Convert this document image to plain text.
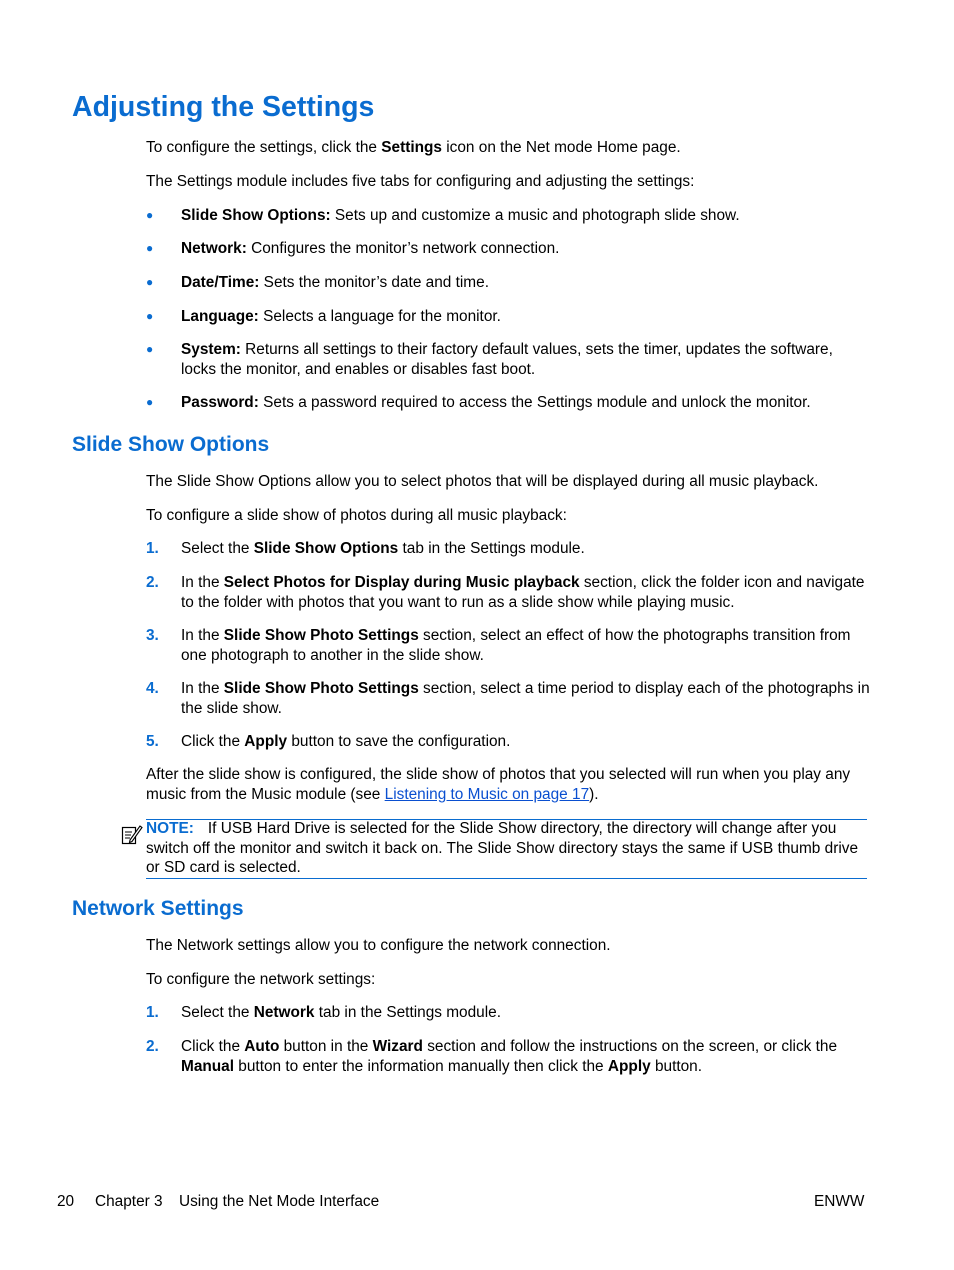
Adjusting the Settings

To configure the settings, click the Settings icon on the Net mode Home page.

The Settings module includes five tabs for configuring and adjusting the settings:

● Slide Show Options: Sets up and customize a music and photograph slide show.
● Network: Configures the monitor’s network connection.
● Date/Time: Sets the monitor’s date and time.
● Language: Selects a language for the monitor.
● System: Returns all settings to their factory default values, sets the timer, updates the software, locks the monitor, and enables or disables fast boot.
● Password: Sets a password required to access the Settings module and unlock the monitor.
Slide Show Options

The Slide Show Options allow you to select photos that will be displayed during all music playback.

To configure a slide show of photos during all music playback:

1. Select the Slide Show Options tab in the Settings module.
2. In the Select Photos for Display during Music playback section, click the folder icon and navigate to the folder with photos that you want to run as a slide show while playing music.
3. In the Slide Show Photo Settings section, select an effect of how the photographs transition from one photograph to another in the slide show.
4. In the Slide Show Photo Settings section, select a time period to display each of the photographs in the slide show.
5. Click the Apply button to save the configuration.

After the slide show is configured, the slide show of photos that you selected will run when you play any music from the Music module (see Listening to Music on page 17).

NOTE: If USB Hard Drive is selected for the Slide Show directory, the directory will change after you switch off the monitor and switch it back on. The Slide Show directory stays the same if USB thumb drive or SD card is selected.
Network Settings

The Network settings allow you to configure the network connection.

To configure the network settings:

1. Select the Network tab in the Settings module.
2. Click the Auto button in the Wizard section and follow the instructions on the screen, or click the Manual button to enter the information manually then click the Apply button.
20 Chapter 3 Using the Net Mode Interface	ENWW
